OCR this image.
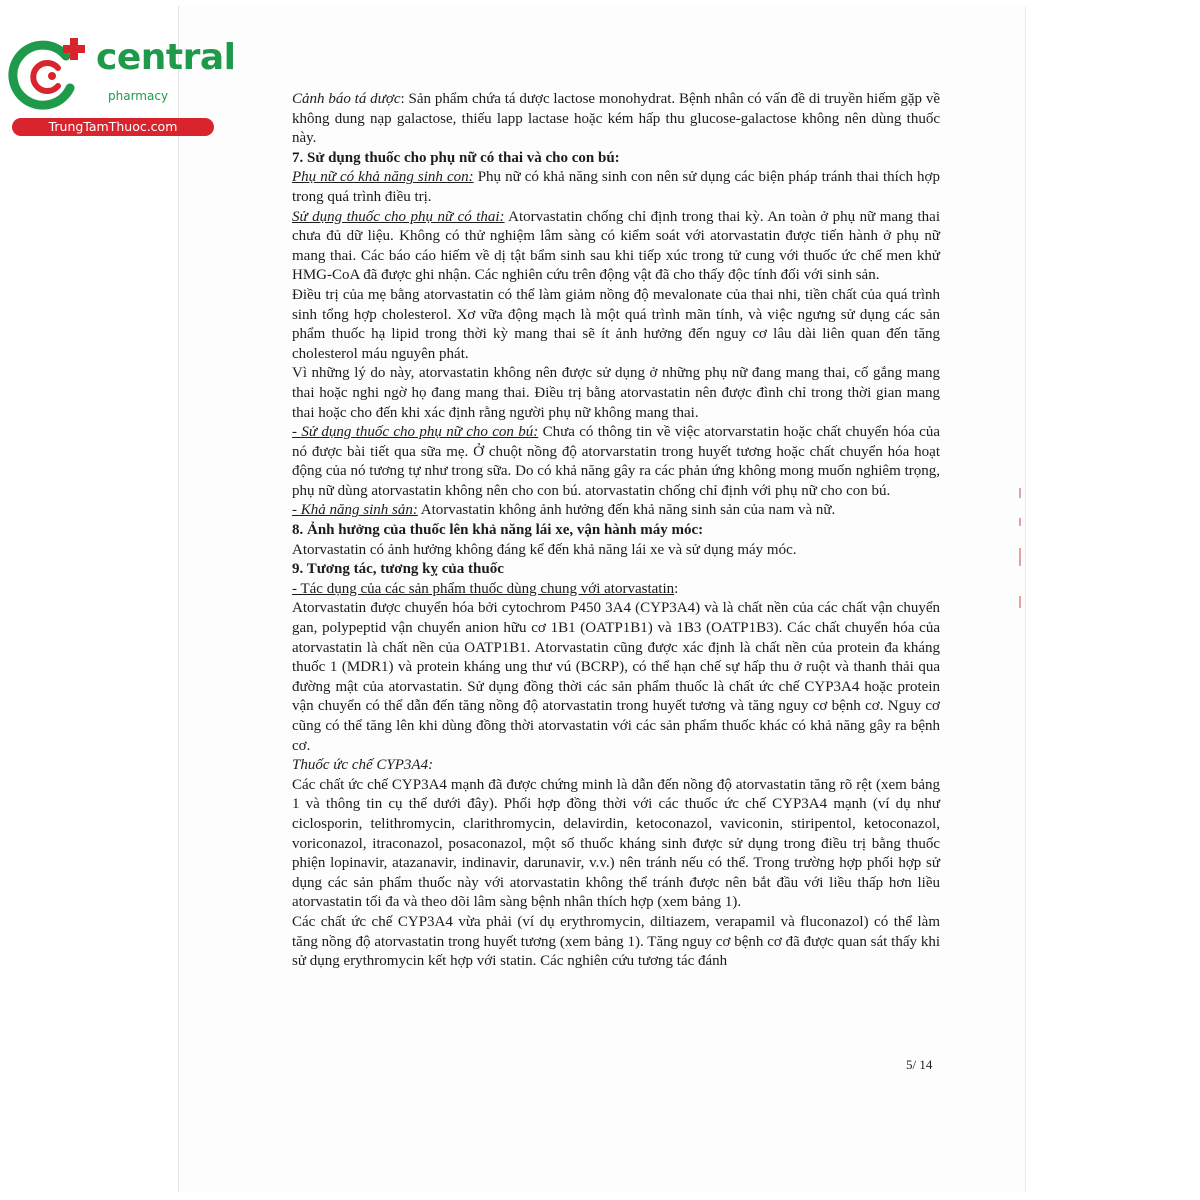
central
pharmacy
TrungTamThuoc.com

Cảnh báo tá dược: Sản phẩm chứa tá dược lactose monohydrat. Bệnh nhân có vấn đề di truyền hiếm gặp về không dung nạp galactose, thiếu lapp lactase hoặc kém hấp thu glucose-galactose không nên dùng thuốc này.

7. Sử dụng thuốc cho phụ nữ có thai và cho con bú:

Phụ nữ có khả năng sinh con: Phụ nữ có khả năng sinh con nên sử dụng các biện pháp tránh thai thích hợp trong quá trình điều trị.

Sử dụng thuốc cho phụ nữ có thai: Atorvastatin chống chỉ định trong thai kỳ. An toàn ở phụ nữ mang thai chưa đủ dữ liệu. Không có thử nghiệm lâm sàng có kiểm soát với atorvastatin được tiến hành ở phụ nữ mang thai. Các báo cáo hiếm về dị tật bẩm sinh sau khi tiếp xúc trong tử cung với thuốc ức chế men khử HMG-CoA đã được ghi nhận. Các nghiên cứu trên động vật đã cho thấy độc tính đối với sinh sản.

Điều trị của mẹ bằng atorvastatin có thể làm giảm nồng độ mevalonate của thai nhi, tiền chất của quá trình sinh tổng hợp cholesterol. Xơ vữa động mạch là một quá trình mãn tính, và việc ngưng sử dụng các sản phẩm thuốc hạ lipid trong thời kỳ mang thai sẽ ít ảnh hưởng đến nguy cơ lâu dài liên quan đến tăng cholesterol máu nguyên phát.

Vì những lý do này, atorvastatin không nên được sử dụng ở những phụ nữ đang mang thai, cố gắng mang thai hoặc nghi ngờ họ đang mang thai. Điều trị bằng atorvastatin nên được đình chỉ trong thời gian mang thai hoặc cho đến khi xác định rằng người phụ nữ không mang thai.

- Sử dụng thuốc cho phụ nữ cho con bú: Chưa có thông tin về việc atorvarstatin hoặc chất chuyển hóa của nó được bài tiết qua sữa mẹ. Ở chuột nồng độ atorvarstatin trong huyết tương hoặc chất chuyển hóa hoạt động của nó tương tự như trong sữa. Do có khả năng gây ra các phản ứng không mong muốn nghiêm trọng, phụ nữ dùng atorvastatin không nên cho con bú. atorvastatin chống chỉ định với phụ nữ cho con bú.

- Khả năng sinh sản: Atorvastatin không ảnh hưởng đến khả năng sinh sản của nam và nữ.

8. Ảnh hưởng của thuốc lên khả năng lái xe, vận hành máy móc:

Atorvastatin có ảnh hưởng không đáng kể đến khả năng lái xe và sử dụng máy móc.

9. Tương tác, tương kỵ của thuốc

- Tác dụng của các sản phẩm thuốc dùng chung với atorvastatin:

Atorvastatin được chuyển hóa bởi cytochrom P450 3A4 (CYP3A4) và là chất nền của các chất vận chuyển gan, polypeptid vận chuyển anion hữu cơ 1B1 (OATP1B1) và 1B3 (OATP1B3). Các chất chuyển hóa của atorvastatin là chất nền của OATP1B1. Atorvastatin cũng được xác định là chất nền của protein đa kháng thuốc 1 (MDR1) và protein kháng ung thư vú (BCRP), có thể hạn chế sự hấp thu ở ruột và thanh thải qua đường mật của atorvastatin. Sử dụng đồng thời các sản phẩm thuốc là chất ức chế CYP3A4 hoặc protein vận chuyển có thể dẫn đến tăng nồng độ atorvastatin trong huyết tương và tăng nguy cơ bệnh cơ. Nguy cơ cũng có thể tăng lên khi dùng đồng thời atorvastatin với các sản phẩm thuốc khác có khả năng gây ra bệnh cơ.

Thuốc ức chế CYP3A4:

Các chất ức chế CYP3A4 mạnh đã được chứng minh là dẫn đến nồng độ atorvastatin tăng rõ rệt (xem bảng 1 và thông tin cụ thể dưới đây). Phối hợp đồng thời với các thuốc ức chế CYP3A4 mạnh (ví dụ như ciclosporin, telithromycin, clarithromycin, delavirdin, ketoconazol, vaviconin, stiripentol, ketoconazol, voriconazol, itraconazol, posaconazol, một số thuốc kháng sinh được sử dụng trong điều trị bằng thuốc phiện lopinavir, atazanavir, indinavir, darunavir, v.v.) nên tránh nếu có thể. Trong trường hợp phối hợp sử dụng các sản phẩm thuốc này với atorvastatin không thể tránh được nên bắt đầu với liều thấp hơn liều atorvastatin tối đa và theo dõi lâm sàng bệnh nhân thích hợp (xem bảng 1).

Các chất ức chế CYP3A4 vừa phải (ví dụ erythromycin, diltiazem, verapamil và fluconazol) có thể làm tăng nồng độ atorvastatin trong huyết tương (xem bảng 1). Tăng nguy cơ bệnh cơ đã được quan sát thấy khi sử dụng erythromycin kết hợp với statin. Các nghiên cứu tương tác đánh

5/ 14
